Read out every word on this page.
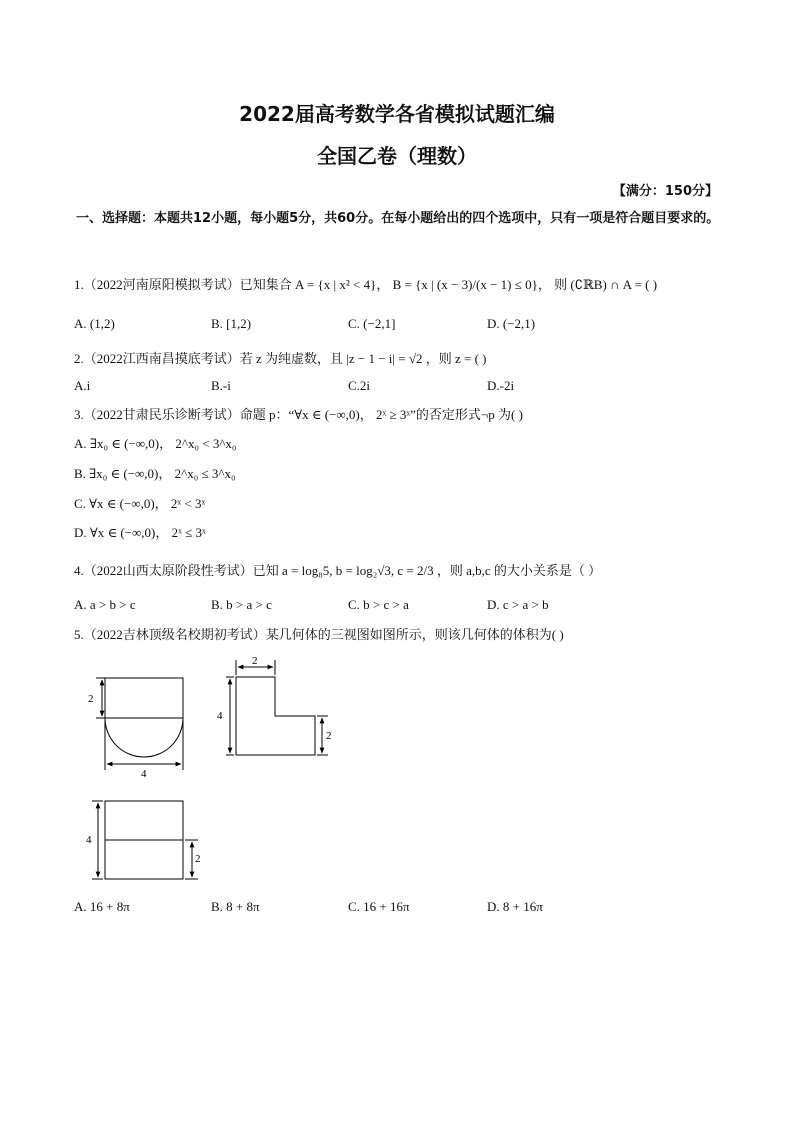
2022届高考数学各省模拟试题汇编
全国乙卷（理数）
【满分：150分】
一、选择题：本题共12小题，每小题5分，共60分。在每小题给出的四个选项中，只有一项是符合题目要求的。
1.（2022河南原阳模拟考试）已知集合 A = {x | x² < 4}， B = {x | (x − 3)/(x − 1) ≤ 0}， 则 (∁ℝB) ∩ A = ( )
A. (1,2)	B. [1,2)	C. (−2,1]	D. (−2,1)
2.（2022江西南昌摸底考试）若 z 为纯虚数，且 |z − 1 − i| = √2 ，则 z = ( )
A.i	B.-i	C.2i	D.-2i
3.（2022甘肃民乐诊断考试）命题 p：“∀x ∈ (−∞,0)， 2ˣ ≥ 3ˣ”的否定形式¬p 为( )
A. ∃x₀ ∈ (−∞,0)， 2^x₀ < 3^x₀
B. ∃x₀ ∈ (−∞,0)， 2^x₀ ≤ 3^x₀
C. ∀x ∈ (−∞,0)， 2ˣ < 3ˣ
D. ∀x ∈ (−∞,0)， 2ˣ ≤ 3ˣ
4.（2022山西太原阶段性考试）已知 a = log₈5, b = log₂√3, c = 2/3 ，则 a,b,c 的大小关系是（ ）
A. a > b > c	B. b > a > c	C. b > c > a	D. c > a > b
5.（2022吉林顶级名校期初考试）某几何体的三视图如图所示，则该几何体的体积为( )
2
4
2
4
2
4
2
A. 16 + 8π	B. 8 + 8π	C. 16 + 16π	D. 8 + 16π
